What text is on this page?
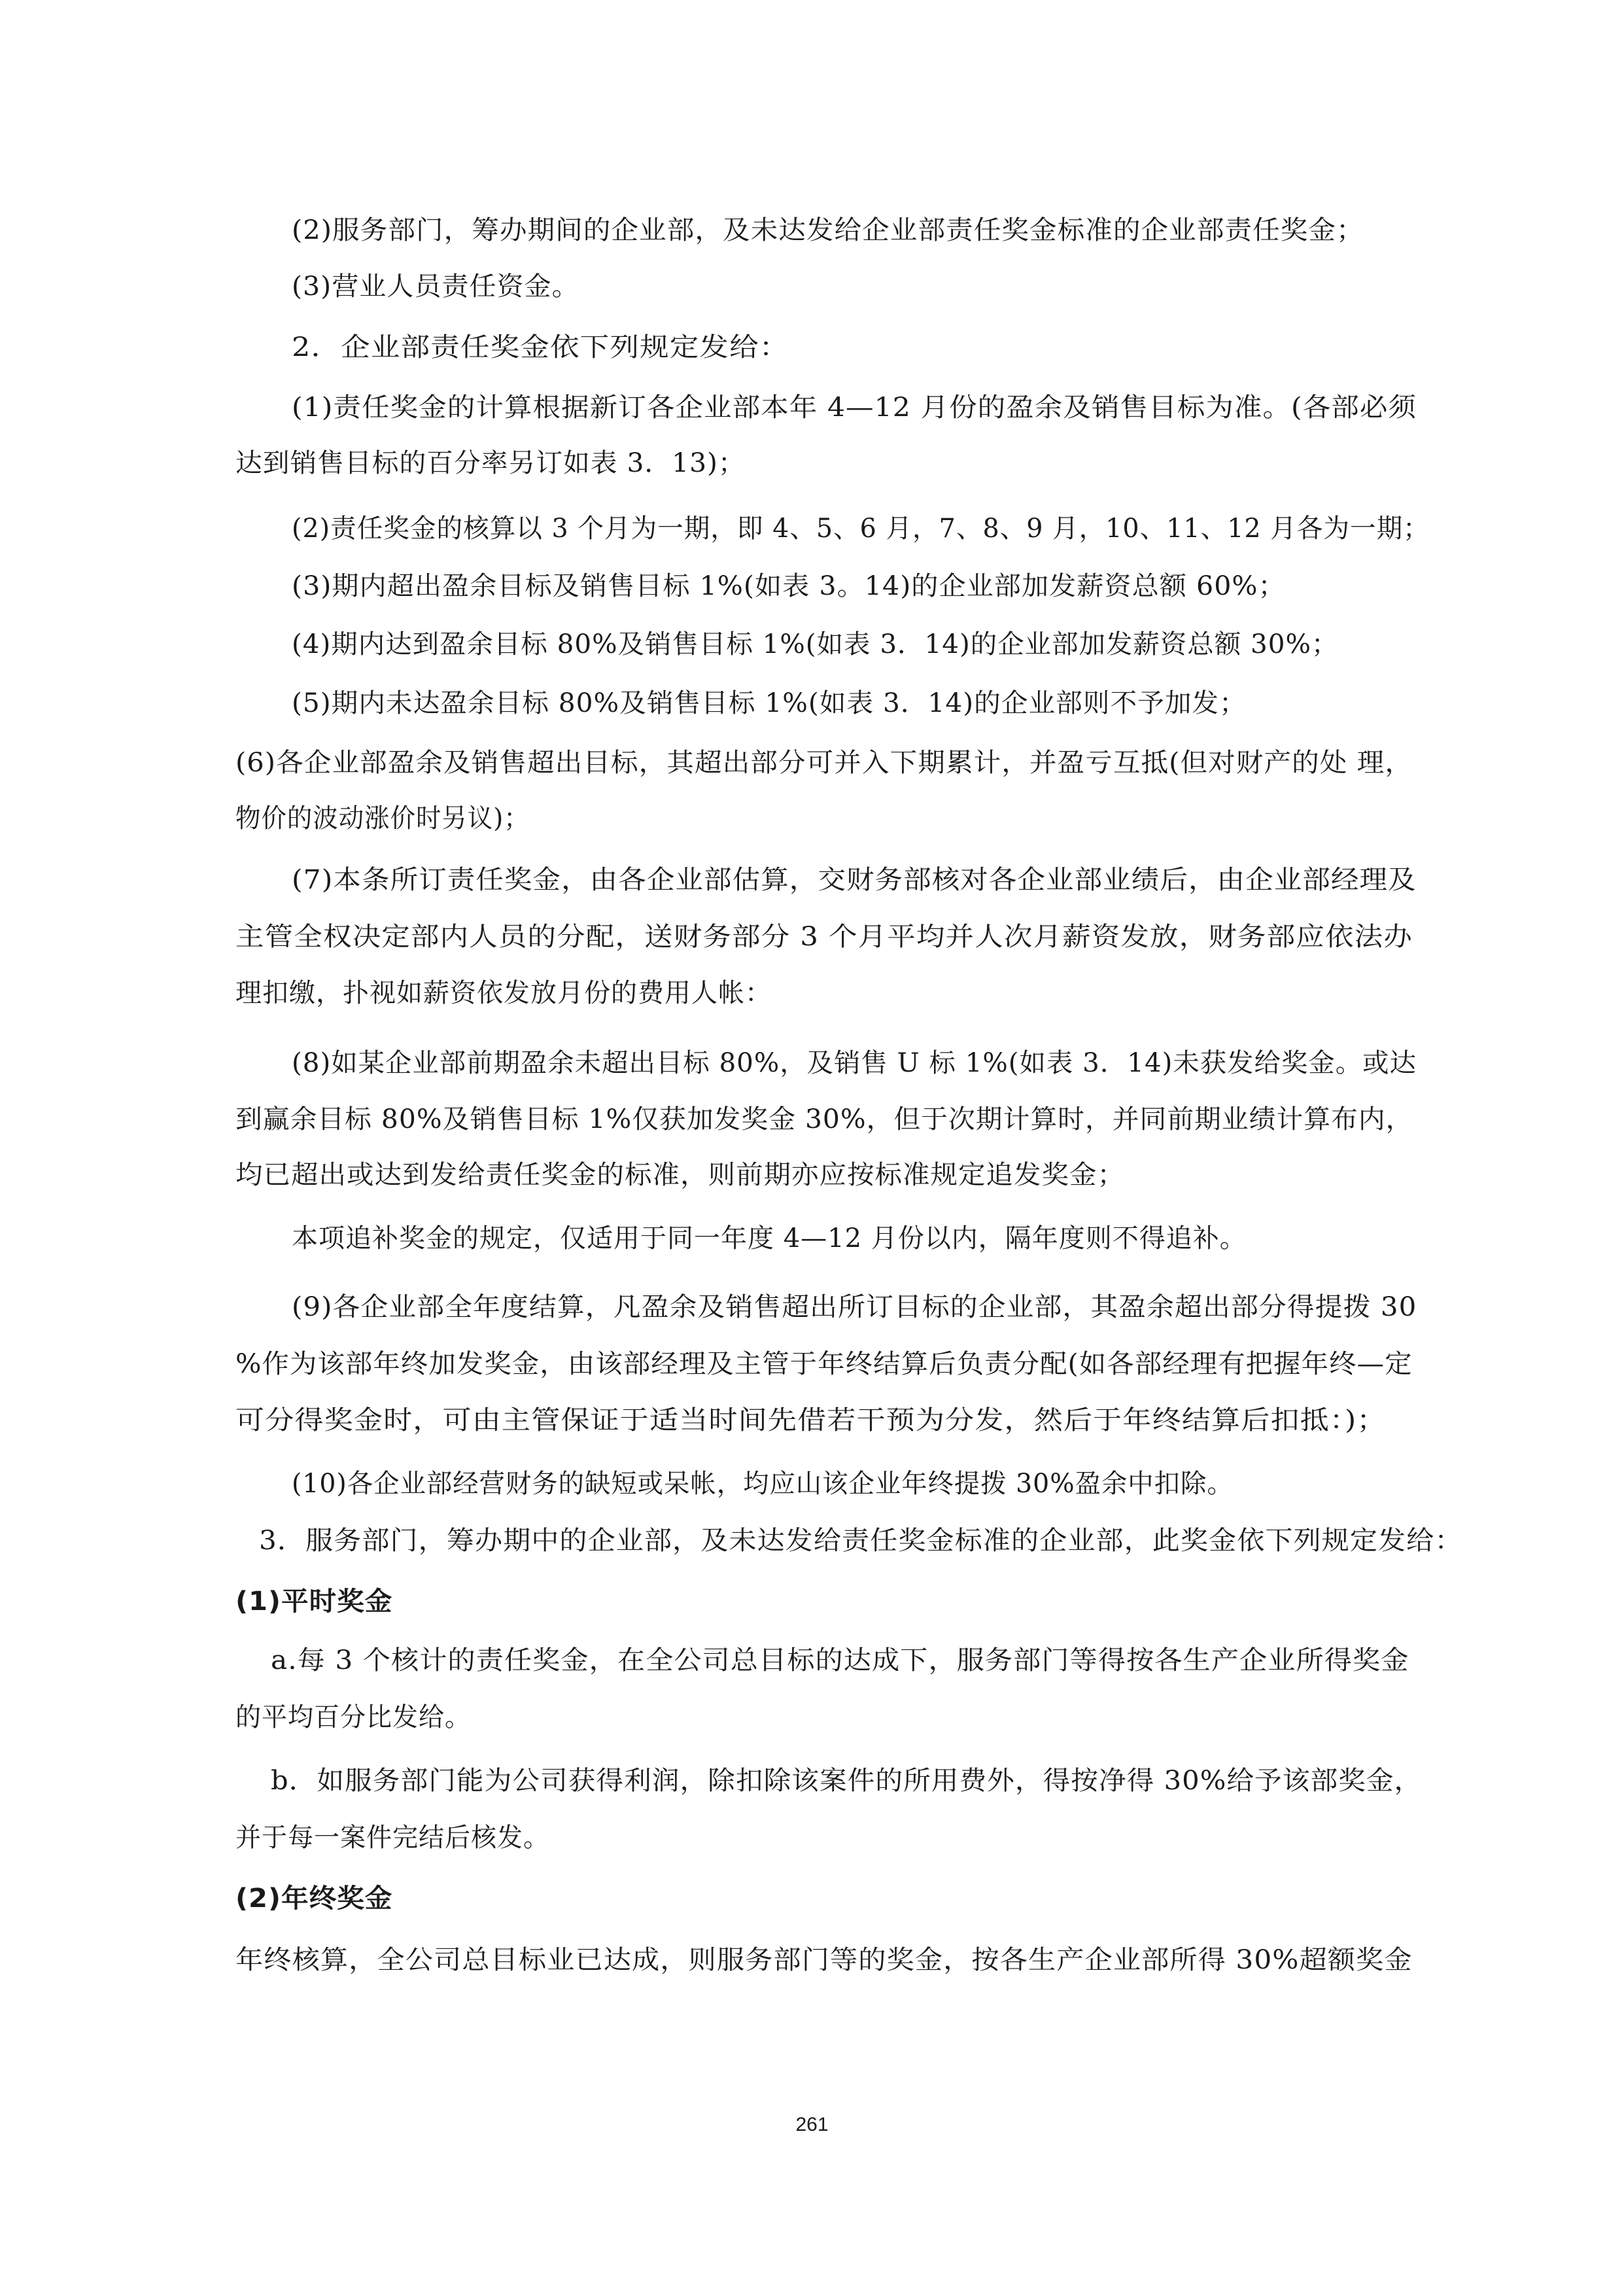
(2)服务部门，筹办期间的企业部，及未达发给企业部责任奖金标准的企业部责任奖金；
(3)营业人员责任资金。
2．企业部责任奖金依下列规定发给：
(1)责任奖金的计算根据新订各企业部本年 4—12 月份的盈余及销售目标为准。(各部必须
达到销售目标的百分率另订如表 3．13)；
(2)责任奖金的核算以 3 个月为一期，即 4、5、6 月，7、8、9 月，10、11、12 月各为一期；
(3)期内超出盈余目标及销售目标 1%(如表 3。14)的企业部加发薪资总额 60%；
(4)期内达到盈余目标 80%及销售目标 1%(如表 3．14)的企业部加发薪资总额 30%；
(5)期内未达盈余目标 80%及销售目标 1%(如表 3．14)的企业部则不予加发；
(6)各企业部盈余及销售超出目标，其超出部分可并入下期累计，并盈亏互抵(但对财产的处 理，
物价的波动涨价时另议)；
(7)本条所订责任奖金，由各企业部估算，交财务部核对各企业部业绩后，由企业部经理及
主管全权决定部内人员的分配，送财务部分 3 个月平均并人次月薪资发放，财务部应依法办
理扣缴，扑视如薪资依发放月份的费用人帐：
(8)如某企业部前期盈余未超出目标 80%，及销售 U 标 1%(如表 3．14)未获发给奖金。或达
到赢余目标 80%及销售目标 1%仅获加发奖金 30%，但于次期计算时，并同前期业绩计算布内，
均已超出或达到发给责任奖金的标准，则前期亦应按标准规定追发奖金；
本项追补奖金的规定，仅适用于同一年度 4—12 月份以内，隔年度则不得追补。
(9)各企业部全年度结算，凡盈余及销售超出所订目标的企业部，其盈余超出部分得提拨 30
%作为该部年终加发奖金，由该部经理及主管于年终结算后负责分配(如各部经理有把握年终—定
可分得奖金时，可由主管保证于适当时间先借若干预为分发，然后于年终结算后扣抵：)；
(10)各企业部经营财务的缺短或呆帐，均应山该企业年终提拨 30%盈余中扣除。
3．服务部门，筹办期中的企业部，及未达发给责任奖金标准的企业部，此奖金依下列规定发给：
(1)平时奖金
a.每 3 个核计的责任奖金，在全公司总目标的达成下，服务部门等得按各生产企业所得奖金
的平均百分比发给。
b．如服务部门能为公司获得利润，除扣除该案件的所用费外，得按净得 30%给予该部奖金，
并于每一案件完结后核发。
(2)年终奖金
年终核算，全公司总目标业已达成，则服务部门等的奖金，按各生产企业部所得 30%超额奖金
261
